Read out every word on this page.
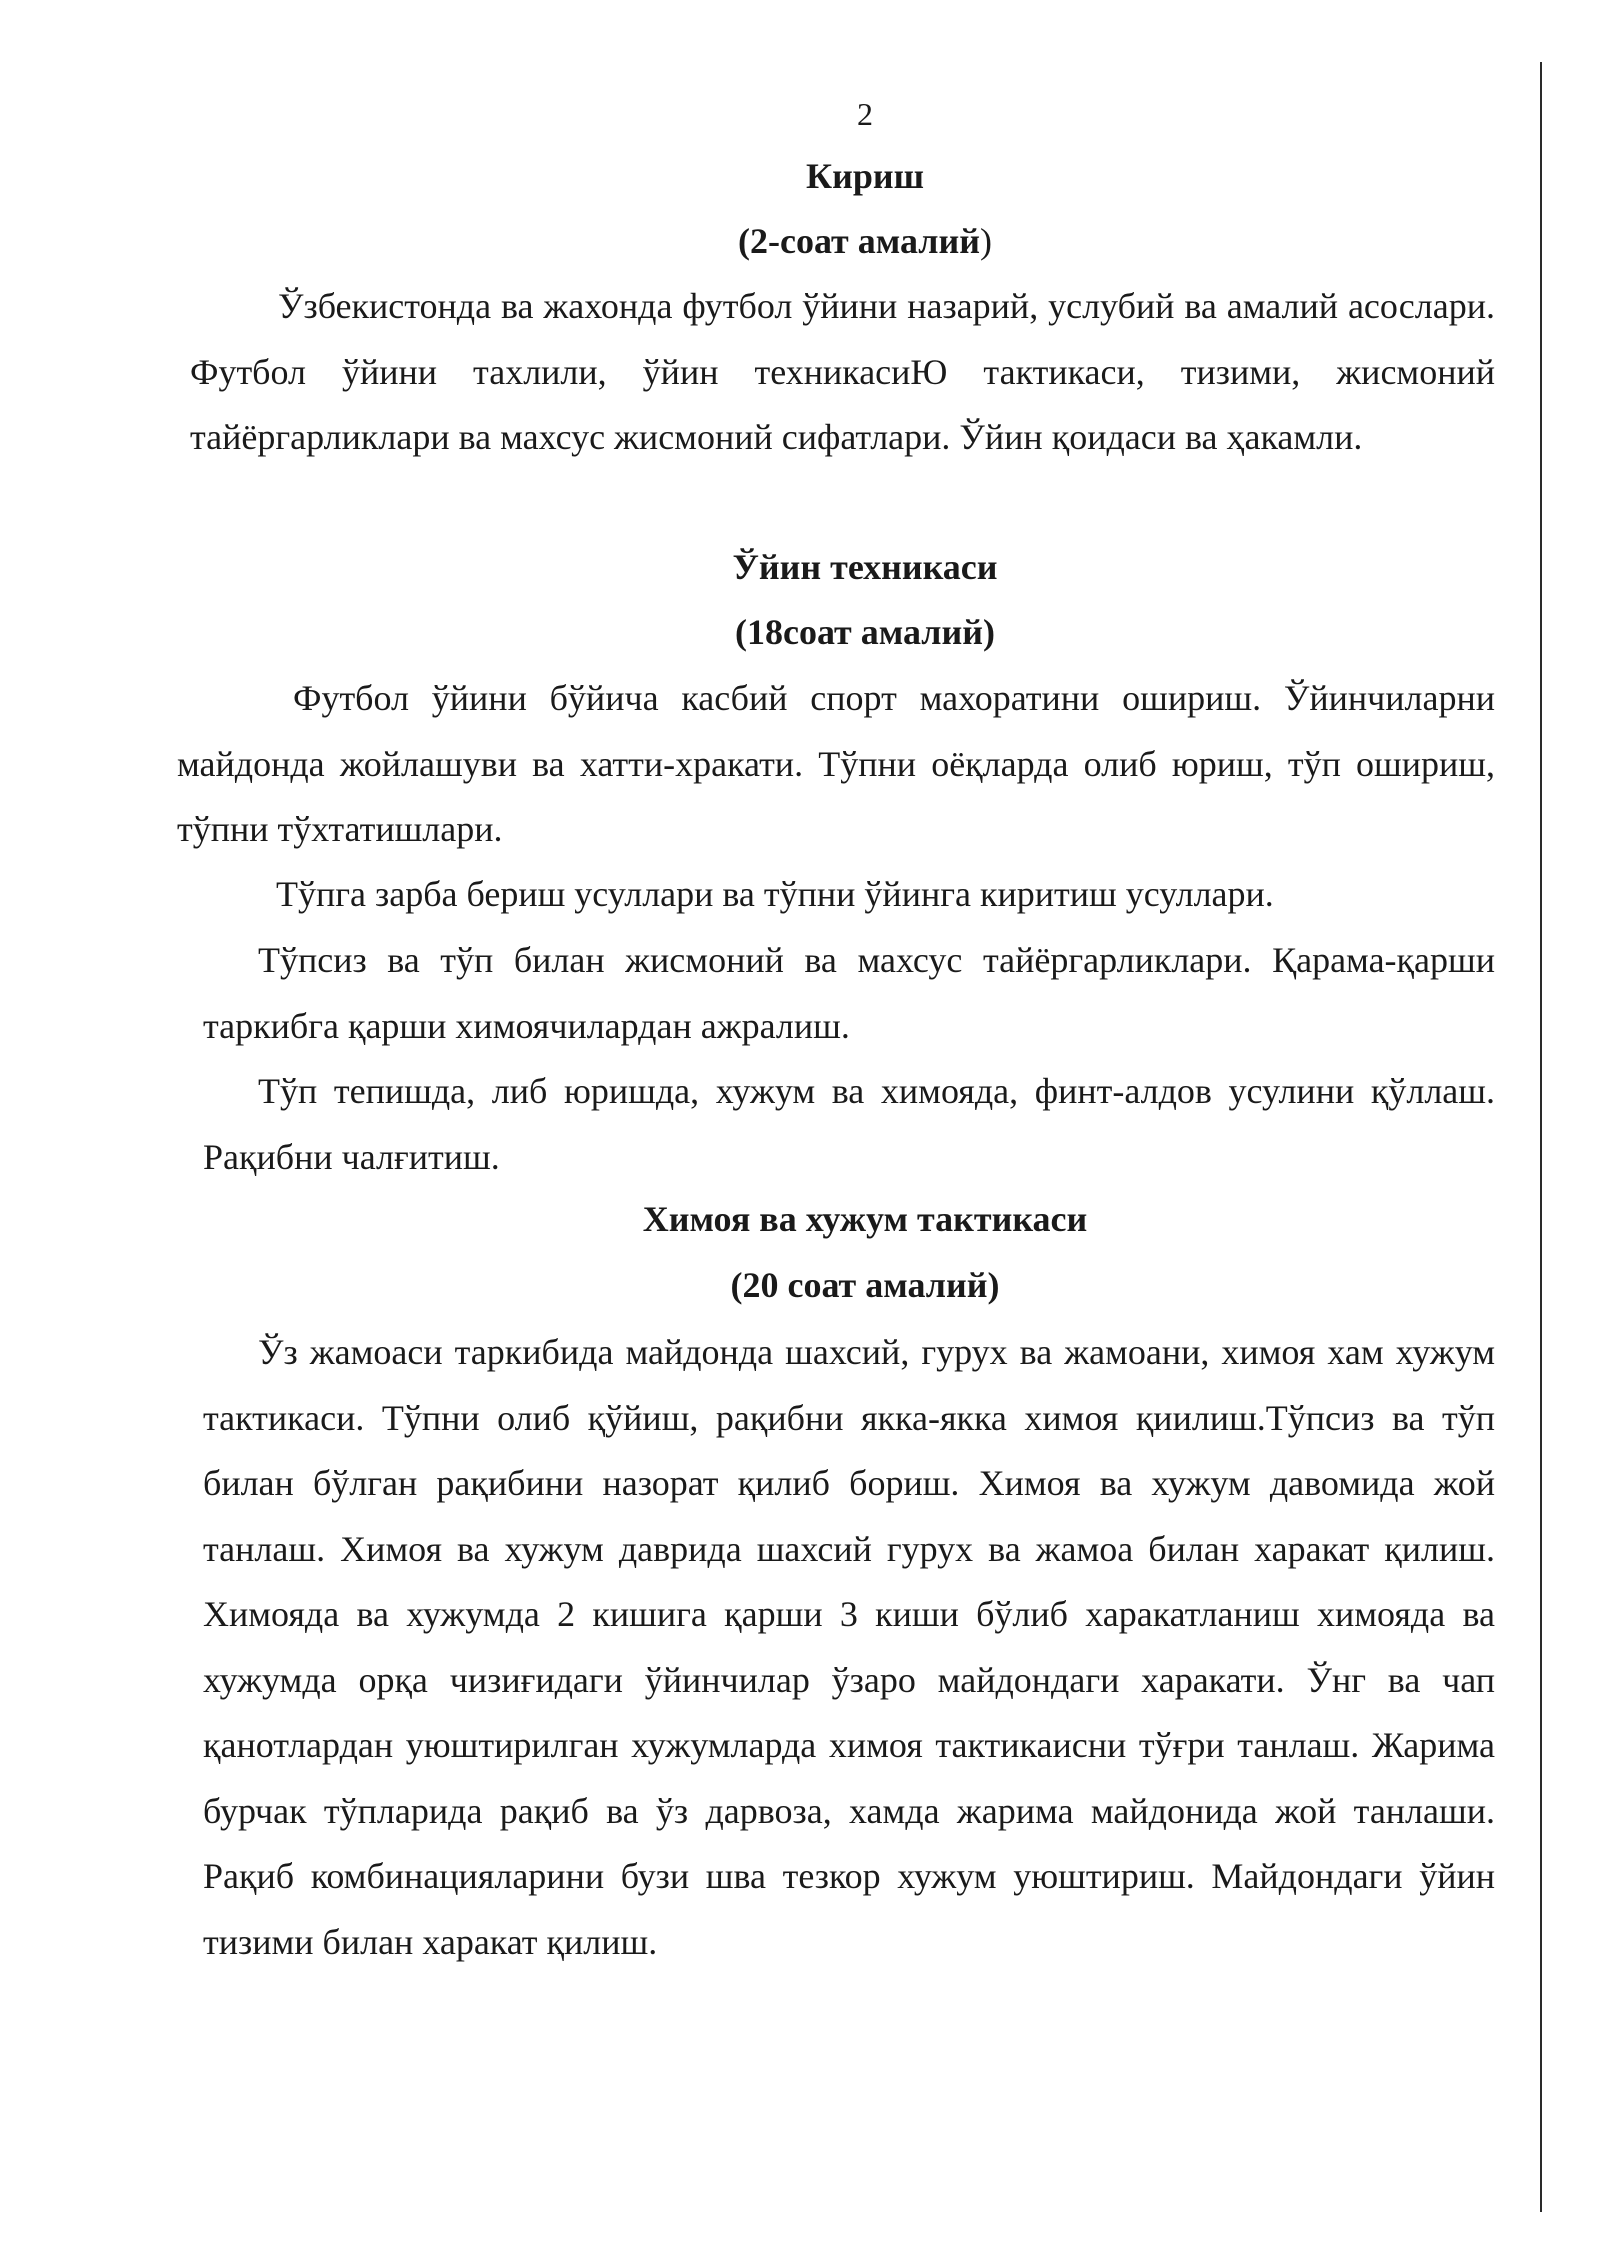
2
Кириш
(2-соат амалий)
Ўзбекистонда ва жахонда футбол ўйини назарий, услубий ва амалий асослари. Футбол ўйини тахлили, ўйин техникасиЮ тактикаси, тизими, жисмоний тайёргарликлари ва махсус жисмоний сифатлари. Ўйин қоидаси ва ҳакамли.
Ўйин техникаси
(18соат амалий)
Футбол ўйини бўйича касбий спорт махоратини ошириш. Ўйинчиларни майдонда жойлашуви ва хатти-хракати. Тўпни оёқларда олиб юриш, тўп ошириш, тўпни тўхтатишлари.
Тўпга зарба бериш усуллари ва тўпни ўйинга киритиш усуллари.
Тўпсиз ва тўп билан жисмоний ва махсус тайёргарликлари. Қарама-қарши таркибга қарши химоячилардан ажралиш.
Тўп тепишда, либ юришда, хужум ва химояда, финт-алдов усулини қўллаш. Рақибни чалғитиш.
Химоя ва хужум тактикаси
(20 соат амалий)
Ўз жамоаси таркибида майдонда шахсий, гурух ва жамоани, химоя хам хужум тактикаси. Тўпни олиб қўйиш, рақибни якка-якка химоя қиилиш.Тўпсиз ва тўп билан бўлган рақибини назорат қилиб бориш. Химоя ва хужум давомида жой танлаш. Химоя ва хужум даврида шахсий гурух ва жамоа билан харакат қилиш. Химояда ва хужумда 2 кишига қарши 3 киши бўлиб харакатланиш химояда ва хужумда орқа чизиғидаги ўйинчилар ўзаро майдондаги харакати. Ўнг ва чап қанотлардан уюштирилган хужумларда химоя тактикаисни тўғри танлаш. Жарима бурчак тўпларида рақиб ва ўз дарвоза, хамда жарима майдонида жой танлаши. Рақиб комбинацияларини бузи шва тезкор хужум уюштириш. Майдондаги ўйин тизими билан харакат қилиш.
